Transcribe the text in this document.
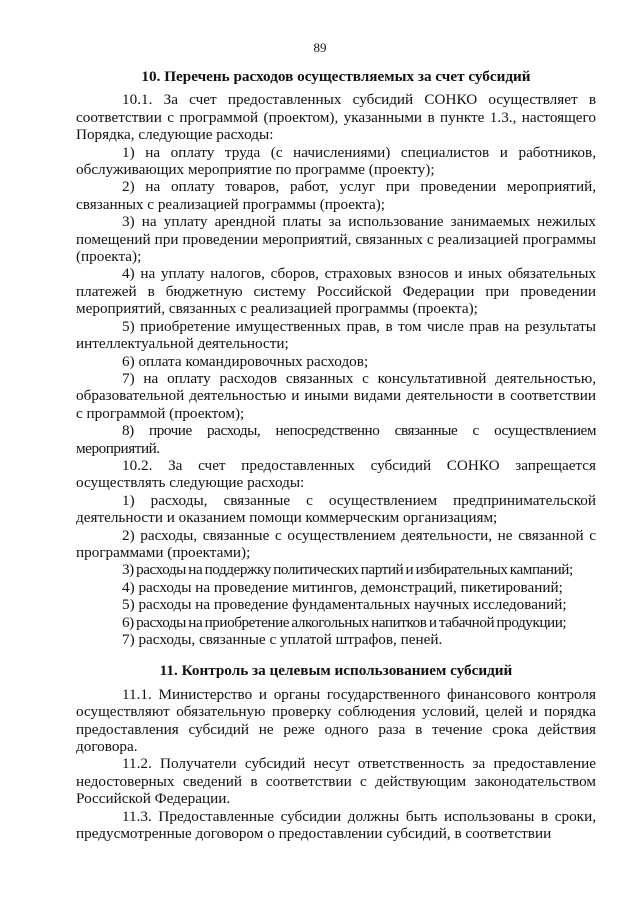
89
10. Перечень расходов осуществляемых за счет субсидий

10.1. За счет предоставленных субсидий СОНКО осуществляет в соответствии с программой (проектом), указанными в пункте 1.3., настоящего Порядка, следующие расходы:

1) на оплату труда (с начислениями) специалистов и работников, обслуживающих мероприятие по программе (проекту);

2) на оплату товаров, работ, услуг при проведении мероприятий, связанных с реализацией программы (проекта);

3) на уплату арендной платы за использование занимаемых нежилых помещений при проведении мероприятий, связанных с реализацией программы (проекта);

4) на уплату налогов, сборов, страховых взносов и иных обязательных платежей в бюджетную систему Российской Федерации при проведении мероприятий, связанных с реализацией программы (проекта);

5) приобретение имущественных прав, в том числе прав на результаты интеллектуальной деятельности;

6) оплата командировочных расходов;

7) на оплату расходов связанных с консультативной деятельностью, образовательной деятельностью и иными видами деятельности в соответствии с программой (проектом);

8) прочие расходы, непосредственно связанные с осуществлением мероприятий.

10.2. За счет предоставленных субсидий СОНКО запрещается осуществлять следующие расходы:

1) расходы, связанные с осуществлением предпринимательской деятельности и оказанием помощи коммерческим организациям;

2) расходы, связанные с осуществлением деятельности, не связанной с программами (проектами);

3) расходы на поддержку политических партий и избирательных кампаний;

4) расходы на проведение митингов, демонстраций, пикетирований;

5) расходы на проведение фундаментальных научных исследований;

6) расходы на приобретение алкогольных напитков и табачной продукции;

7) расходы, связанные с уплатой штрафов, пеней.

11. Контроль за целевым использованием субсидий

11.1. Министерство и органы государственного финансового контроля осуществляют обязательную проверку соблюдения условий, целей и порядка предоставления субсидий не реже одного раза в течение срока действия договора.

11.2. Получатели субсидий несут ответственность за предоставление недостоверных сведений в соответствии с действующим законодательством Российской Федерации.

11.3. Предоставленные субсидии должны быть использованы в сроки, предусмотренные договором о предоставлении субсидий, в соответствии
